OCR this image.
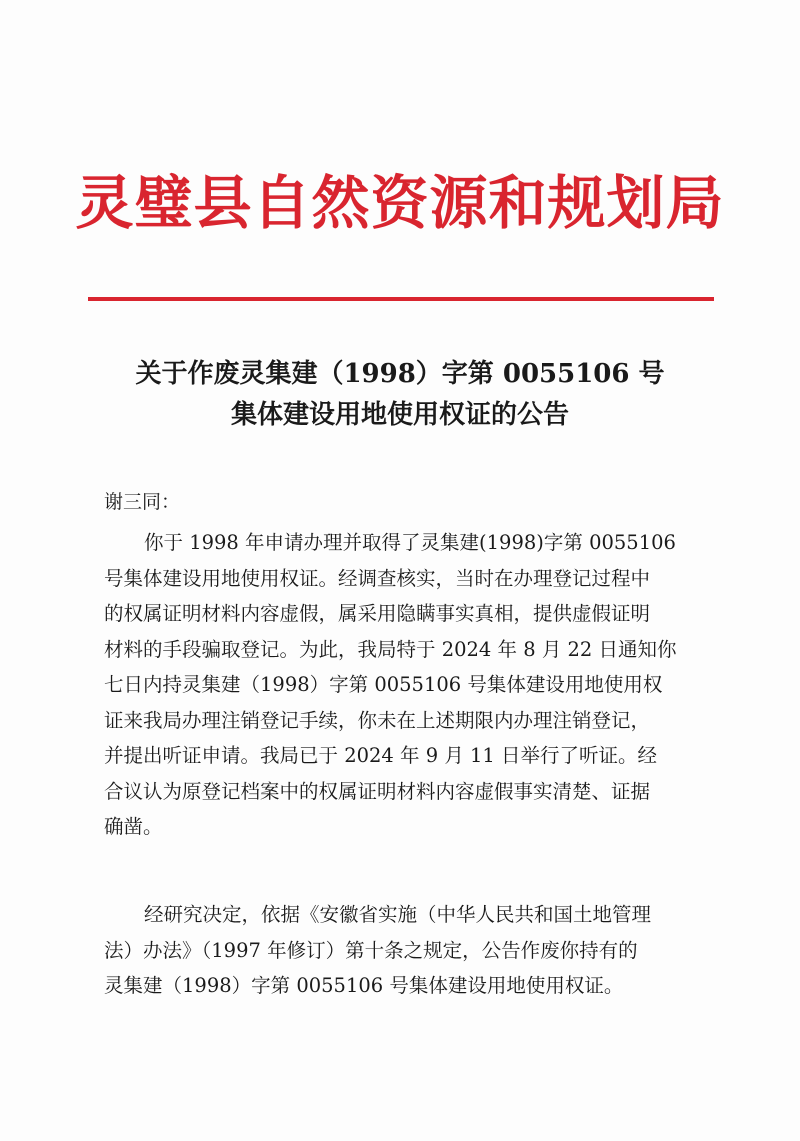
灵璧县自然资源和规划局
关于作废灵集建（1998）字第 0055106 号
集体建设用地使用权证的公告
谢三同：
你于 1998 年申请办理并取得了灵集建(1998)字第 0055106
号集体建设用地使用权证。经调查核实，当时在办理登记过程中
的权属证明材料内容虚假，属采用隐瞒事实真相，提供虚假证明
材料的手段骗取登记。为此，我局特于 2024 年 8 月 22 日通知你
七日内持灵集建（1998）字第 0055106 号集体建设用地使用权
证来我局办理注销登记手续，你未在上述期限内办理注销登记，
并提出听证申请。我局已于 2024 年 9 月 11 日举行了听证。经
合议认为原登记档案中的权属证明材料内容虚假事实清楚、证据
确凿。
经研究决定，依据《安徽省实施（中华人民共和国土地管理
法）办法》（1997 年修订）第十条之规定，公告作废你持有的
灵集建（1998）字第 0055106 号集体建设用地使用权证。
